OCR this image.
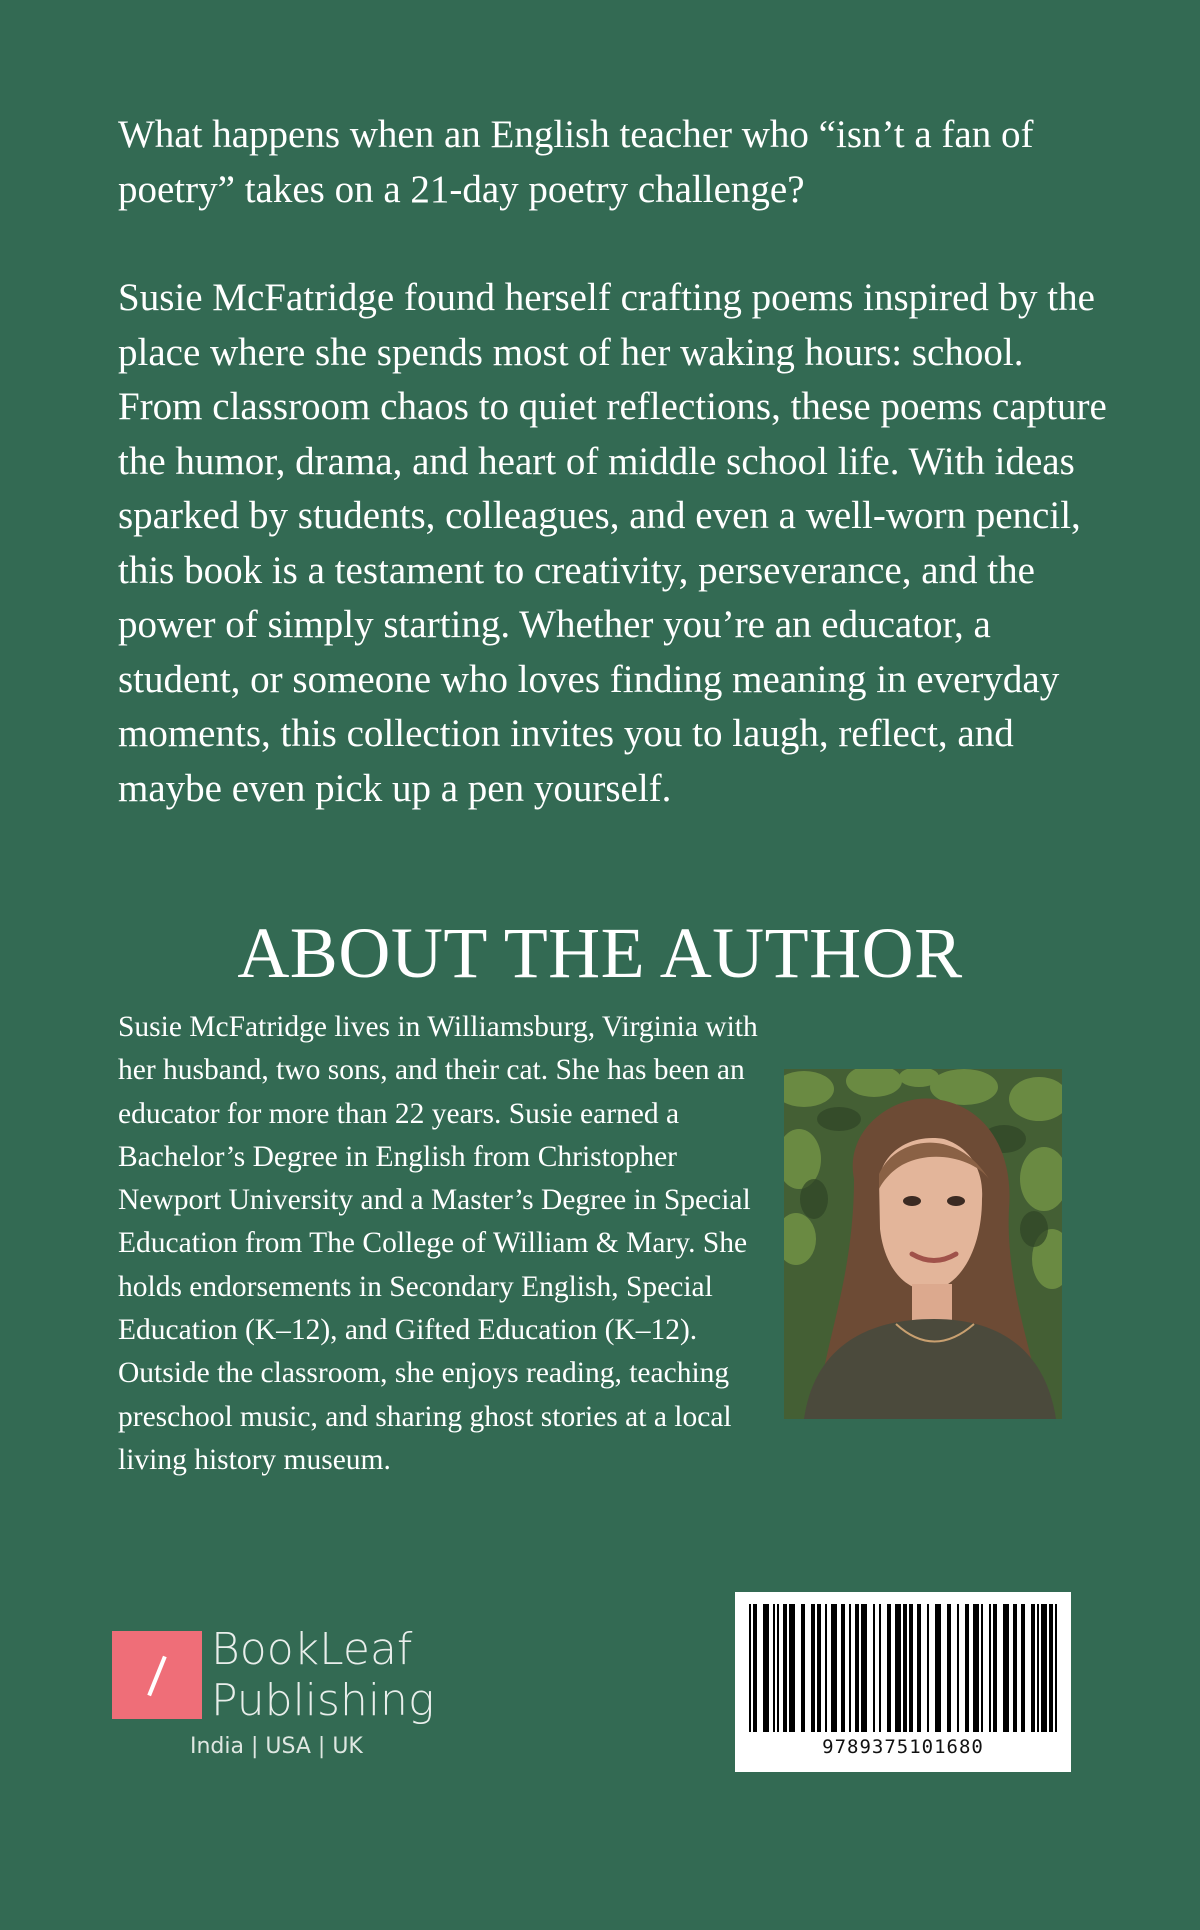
What happens when an English teacher who “isn’t a fan of poetry” takes on a 21-day poetry challenge?

Susie McFatridge found herself crafting poems inspired by the place where she spends most of her waking hours: school. From classroom chaos to quiet reflections, these poems capture the humor, drama, and heart of middle school life. With ideas sparked by students, colleagues, and even a well-worn pencil, this book is a testament to creativity, perseverance, and the power of simply starting. Whether you’re an educator, a student, or someone who loves finding meaning in everyday moments, this collection invites you to laugh, reflect, and maybe even pick up a pen yourself.

ABOUT THE AUTHOR

Susie McFatridge lives in Williamsburg, Virginia with her husband, two sons, and their cat. She has been an educator for more than 22 years. Susie earned a Bachelor’s Degree in English from Christopher Newport University and a Master’s Degree in Special Education from The College of William & Mary. She holds endorsements in Secondary English, Special Education (K–12), and Gifted Education (K–12). Outside the classroom, she enjoys reading, teaching preschool music, and sharing ghost stories at a local living history museum.

BookLeaf
Publishing
India | USA | UK	9789375101680
